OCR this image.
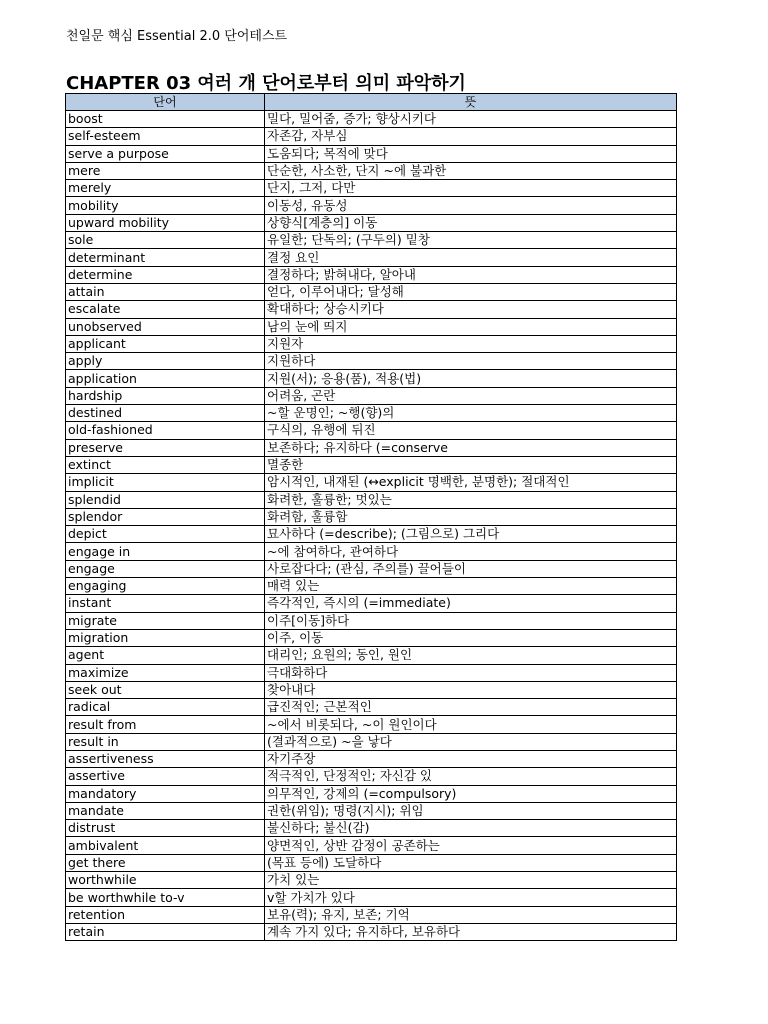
천일문 핵심 Essential 2.0 단어테스트
CHAPTER 03 여러 개 단어로부터 의미 파악하기
단어	뜻
boost	밀다, 밀어줌, 증가; 향상시키다
self-esteem	자존감, 자부심
serve a purpose	도움되다; 목적에 맞다
mere	단순한, 사소한, 단지 ~에 불과한
merely	단지, 그저, 다만
mobility	이동성, 유동성
upward mobility	상향식[계층의] 이동
sole	유일한; 단독의; (구두의) 밑창
determinant	결정 요인
determine	결정하다; 밝혀내다, 알아내
attain	얻다, 이루어내다; 달성해
escalate	확대하다; 상승시키다
unobserved	남의 눈에 띄지
applicant	지원자
apply	지원하다
application	지원(서); 응용(품), 적용(법)
hardship	어려움, 곤란
destined	~할 운명인; ~행(향)의
old-fashioned	구식의, 유행에 뒤진
preserve	보존하다; 유지하다 (=conserve
extinct	멸종한
implicit	암시적인, 내재된 (↔explicit 명백한, 분명한); 절대적인
splendid	화려한, 훌륭한; 멋있는
splendor	화려함, 훌륭함
depict	묘사하다 (=describe); (그림으로) 그리다
engage in	~에 참여하다, 관여하다
engage	사로잡다다; (관심, 주의를) 끌어들이
engaging	매력 있는
instant	즉각적인, 즉시의 (=immediate)
migrate	이주[이동]하다
migration	이주, 이동
agent	대리인; 요원의; 동인, 원인
maximize	극대화하다
seek out	찾아내다
radical	급진적인; 근본적인
result from	~에서 비롯되다, ~이 원인이다
result in	(결과적으로) ~을 낳다
assertiveness	자기주장
assertive	적극적인, 단정적인; 자신감 있
mandatory	의무적인, 강제의 (=compulsory)
mandate	권한(위임); 명령(지시); 위임
distrust	불신하다; 불신(감)
ambivalent	양면적인, 상반 감정이 공존하는
get there	(목표 등에) 도달하다
worthwhile	가치 있는
be worthwhile to-v	v할 가치가 있다
retention	보유(력); 유지, 보존; 기억
retain	계속 가지 있다; 유지하다, 보유하다
